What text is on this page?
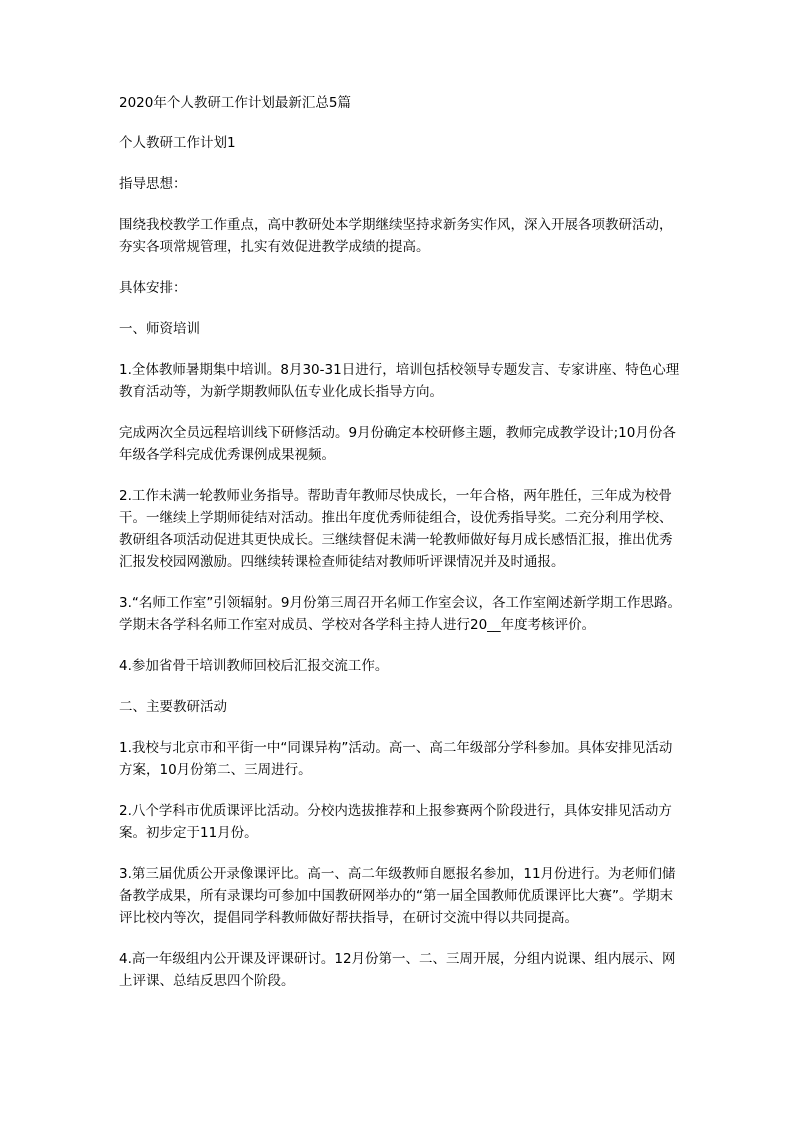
2020年个人教研工作计划最新汇总5篇

个人教研工作计划1

指导思想：

围绕我校教学工作重点，高中教研处本学期继续坚持求新务实作风，深入开展各项教研活动，夯实各项常规管理，扎实有效促进教学成绩的提高。

具体安排：

一、师资培训

1.全体教师暑期集中培训。8月30-31日进行，培训包括校领导专题发言、专家讲座、特色心理教育活动等，为新学期教师队伍专业化成长指导方向。

完成两次全员远程培训线下研修活动。9月份确定本校研修主题，教师完成教学设计;10月份各年级各学科完成优秀课例成果视频。

2.工作未满一轮教师业务指导。帮助青年教师尽快成长，一年合格，两年胜任，三年成为校骨干。一继续上学期师徒结对活动。推出年度优秀师徒组合，设优秀指导奖。二充分利用学校、教研组各项活动促进其更快成长。三继续督促未满一轮教师做好每月成长感悟汇报，推出优秀汇报发校园网激励。四继续转课检查师徒结对教师听评课情况并及时通报。

3.“名师工作室”引领辐射。9月份第三周召开名师工作室会议，各工作室阐述新学期工作思路。学期末各学科名师工作室对成员、学校对各学科主持人进行20__年度考核评价。

4.参加省骨干培训教师回校后汇报交流工作。

二、主要教研活动

1.我校与北京市和平街一中“同课异构”活动。高一、高二年级部分学科参加。具体安排见活动方案，10月份第二、三周进行。

2.八个学科市优质课评比活动。分校内选拔推荐和上报参赛两个阶段进行，具体安排见活动方案。初步定于11月份。

3.第三届优质公开录像课评比。高一、高二年级教师自愿报名参加，11月份进行。为老师们储备教学成果，所有录课均可参加中国教研网举办的“第一届全国教师优质课评比大赛”。学期末评比校内等次，提倡同学科教师做好帮扶指导，在研讨交流中得以共同提高。

4.高一年级组内公开课及评课研讨。12月份第一、二、三周开展，分组内说课、组内展示、网上评课、总结反思四个阶段。
